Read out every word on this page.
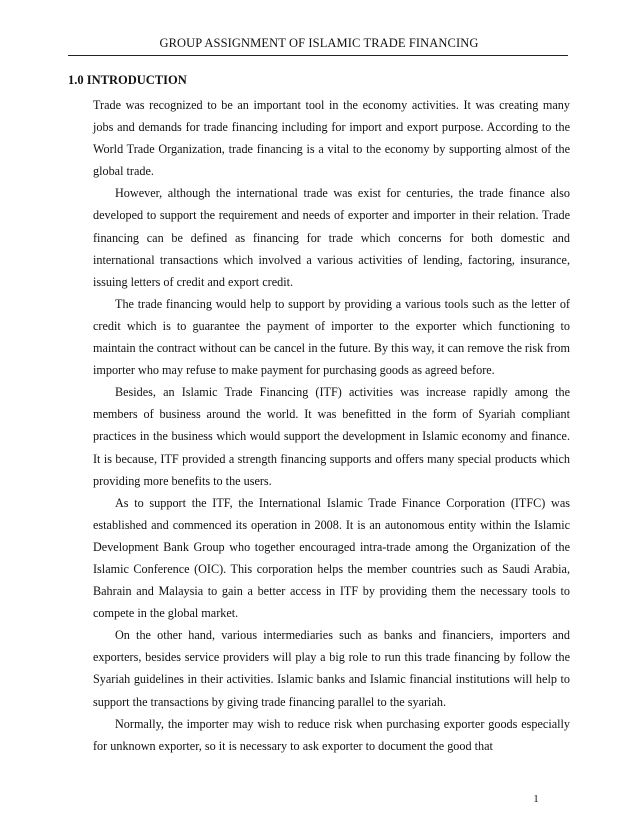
GROUP ASSIGNMENT OF ISLAMIC TRADE FINANCING
1.0 INTRODUCTION

Trade was recognized to be an important tool in the economy activities. It was creating many jobs and demands for trade financing including for import and export purpose. According to the World Trade Organization, trade financing is a vital to the economy by supporting almost of the global trade.

However, although the international trade was exist for centuries, the trade finance also developed to support the requirement and needs of exporter and importer in their relation. Trade financing can be defined as financing for trade which concerns for both domestic and international transactions which involved a various activities of lending, factoring, insurance, issuing letters of credit and export credit.

The trade financing would help to support by providing a various tools such as the letter of credit which is to guarantee the payment of importer to the exporter which functioning to maintain the contract without can be cancel in the future. By this way, it can remove the risk from importer who may refuse to make payment for purchasing goods as agreed before.

Besides, an Islamic Trade Financing (ITF) activities was increase rapidly among the members of business around the world. It was benefitted in the form of Syariah compliant practices in the business which would support the development in Islamic economy and finance. It is because, ITF provided a strength financing supports and offers many special products which providing more benefits to the users.

As to support the ITF, the International Islamic Trade Finance Corporation (ITFC) was established and commenced its operation in 2008. It is an autonomous entity within the Islamic Development Bank Group who together encouraged intra-trade among the Organization of the Islamic Conference (OIC). This corporation helps the member countries such as Saudi Arabia, Bahrain and Malaysia to gain a better access in ITF by providing them the necessary tools to compete in the global market.

On the other hand, various intermediaries such as banks and financiers, importers and exporters, besides service providers will play a big role to run this trade financing by follow the Syariah guidelines in their activities. Islamic banks and Islamic financial institutions will help to support the transactions by giving trade financing parallel to the syariah.

Normally, the importer may wish to reduce risk when purchasing exporter goods especially for unknown exporter, so it is necessary to ask exporter to document the good that

1
